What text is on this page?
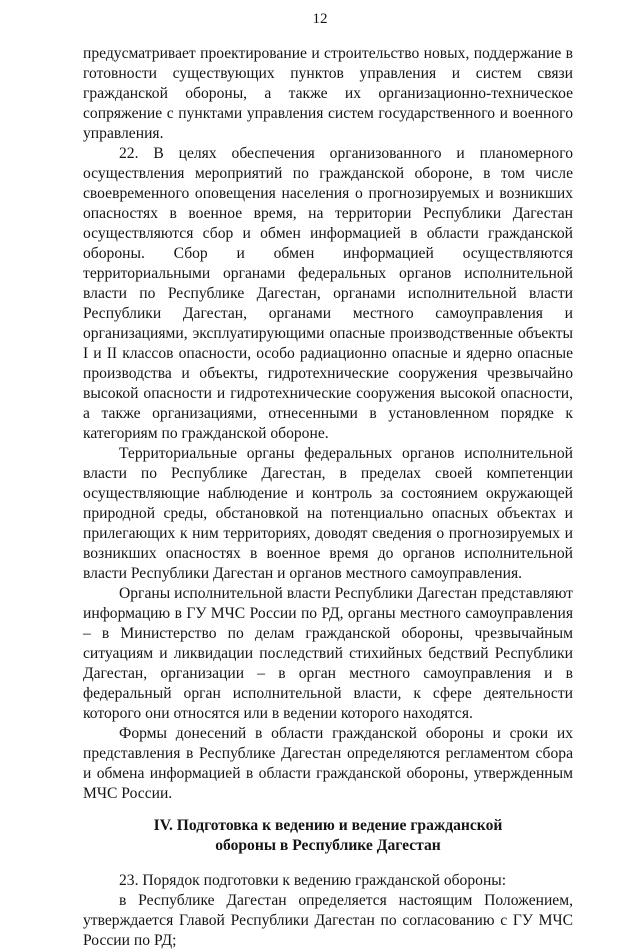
12

предусматривает проектирование и строительство новых, поддержание в готовности существующих пунктов управления и систем связи гражданской обороны, а также их организационно-техническое сопряжение с пунктами управления систем государственного и военного управления.

22. В целях обеспечения организованного и планомерного осуществления мероприятий по гражданской обороне, в том числе своевременного оповещения населения о прогнозируемых и возникших опасностях в военное время, на территории Республики Дагестан осуществляются сбор и обмен информацией в области гражданской обороны. Сбор и обмен информацией осуществляются территориальными органами федеральных органов исполнительной власти по Республике Дагестан, органами исполнительной власти Республики Дагестан, органами местного самоуправления и организациями, эксплуатирующими опасные производственные объекты I и II классов опасности, особо радиационно опасные и ядерно опасные производства и объекты, гидротехнические сооружения чрезвычайно высокой опасности и гидротехнические сооружения высокой опасности, а также организациями, отнесенными в установленном порядке к категориям по гражданской обороне.

Территориальные органы федеральных органов исполнительной власти по Республике Дагестан, в пределах своей компетенции осуществляющие наблюдение и контроль за состоянием окружающей природной среды, обстановкой на потенциально опасных объектах и прилегающих к ним территориях, доводят сведения о прогнозируемых и возникших опасностях в военное время до органов исполнительной власти Республики Дагестан и органов местного самоуправления.

Органы исполнительной власти Республики Дагестан представляют информацию в ГУ МЧС России по РД, органы местного самоуправления – в Министерство по делам гражданской обороны, чрезвычайным ситуациям и ликвидации последствий стихийных бедствий Республики Дагестан, организации – в орган местного самоуправления и в федеральный орган исполнительной власти, к сфере деятельности которого они относятся или в ведении которого находятся.

Формы донесений в области гражданской обороны и сроки их представления в Республике Дагестан определяются регламентом сбора и обмена информацией в области гражданской обороны, утвержденным МЧС России.

IV. Подготовка к ведению и ведение гражданской
обороны в Республике Дагестан

23. Порядок подготовки к ведению гражданской обороны:

в Республике Дагестан определяется настоящим Положением, утверждается Главой Республики Дагестан по согласованию с ГУ МЧС России по РД;
